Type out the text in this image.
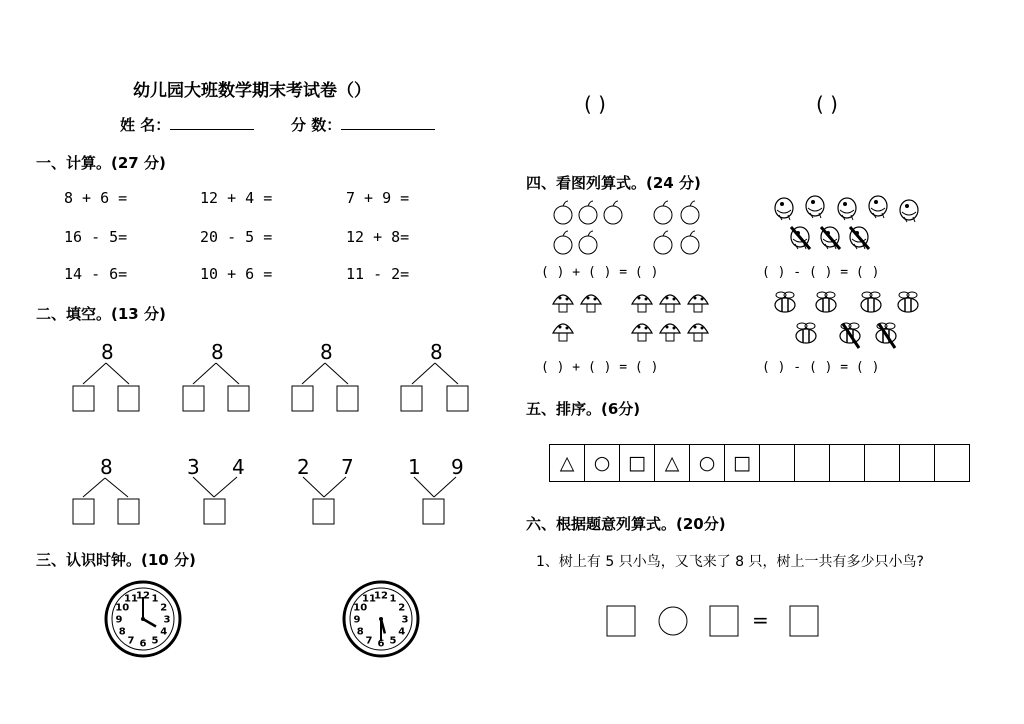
幼儿园大班数学期末考试卷（）
姓 名：	分 数：
一、计算。(27 分)
8 + 6 =	12 + 4 =	7 + 9 =
16 - 5=	20 - 5 =	12 + 8=
14 - 6=	10 + 6 =	11 - 2=
二、填空。(13 分)
8	8	8	8
8	3 4	2 7	1 9
三、认识时钟。(10 分)
( )	( )
四、看图列算式。(24 分)
( ) + ( ) = ( )	( ) - ( ) = ( )
( ) + ( ) = ( )	( ) - ( ) = ( )
五、排序。(6分)
△	○ □ △	○ □
六、根据题意列算式。(20分)
1、树上有 5 只小鸟，又飞来了 8 只，树上一共有多少只小鸟?
=
12 1
2
3
4
5
6
7
8
9
10
11	12 1
2
3
4
5
6
7
8
9
10
11
